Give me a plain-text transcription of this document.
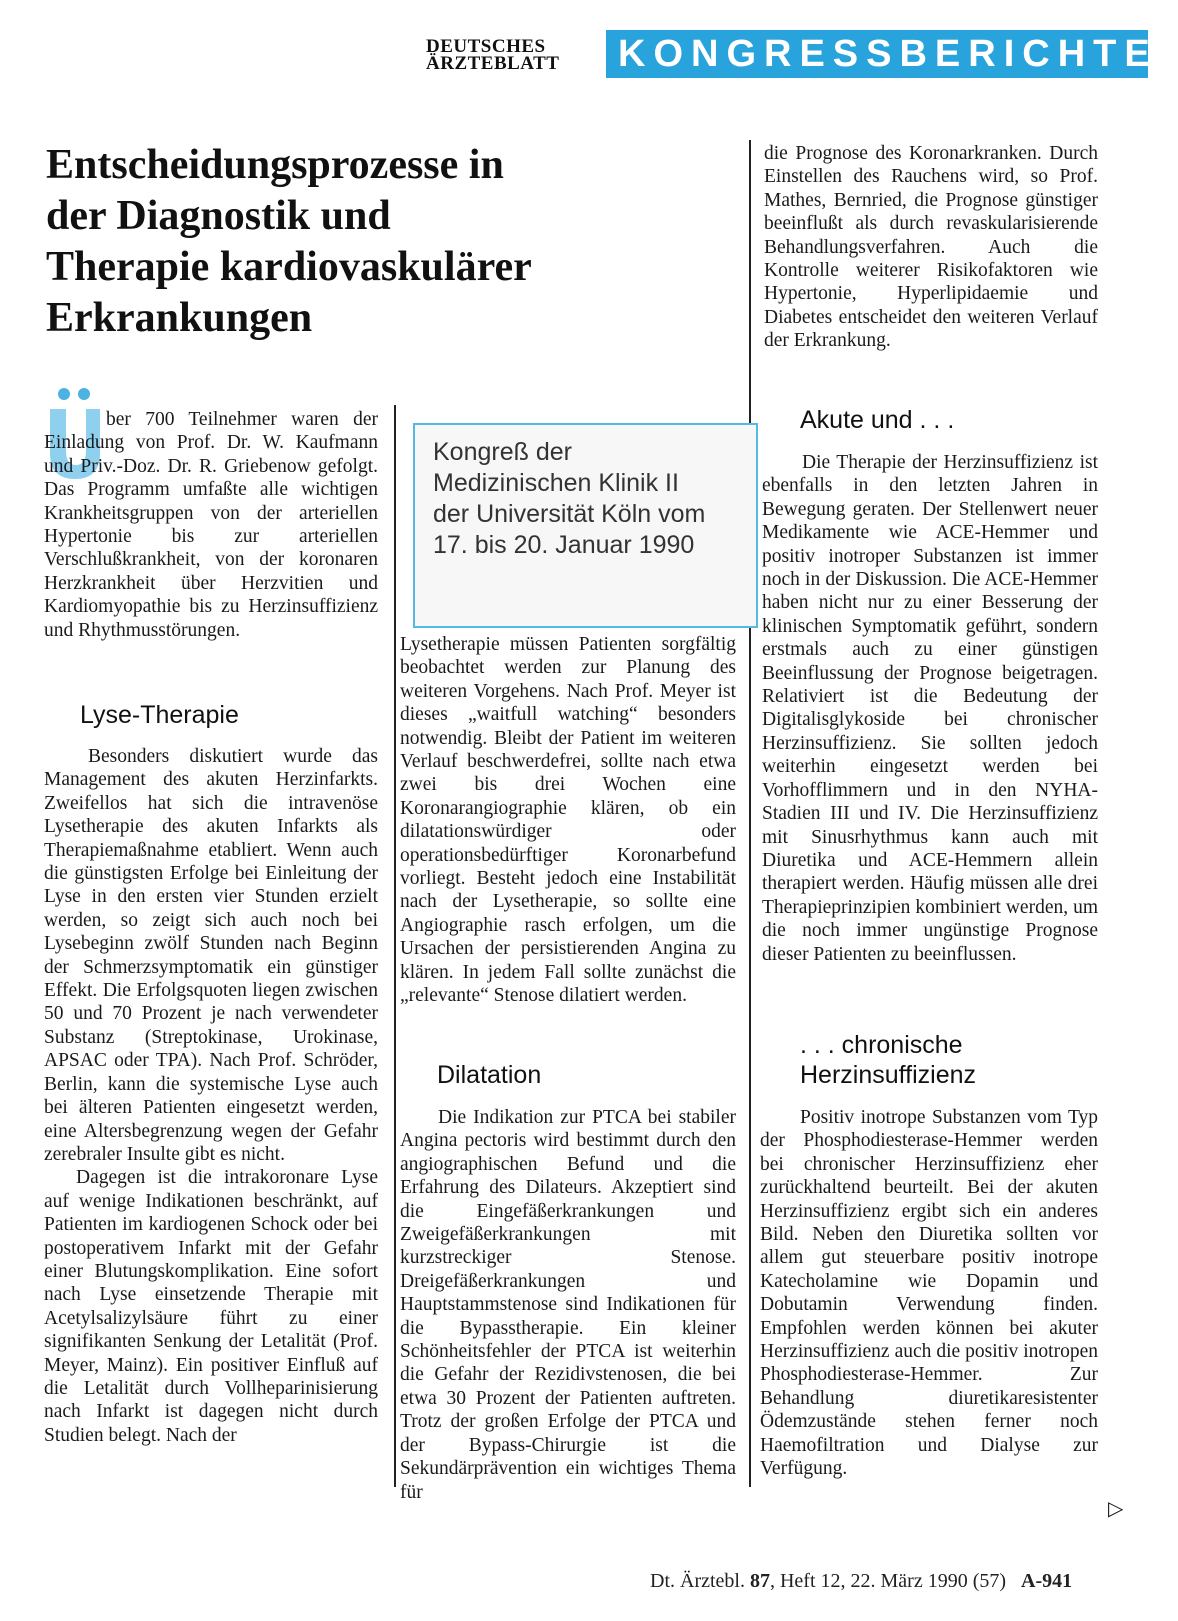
DEUTSCHES
ÄRZTEBLATT	KONGRESSBERICHTE
Entscheidungsprozesse in
der Diagnostik und
Therapie kardiovaskulärer
Erkrankungen
Ü

ber 700 Teilnehmer waren der Einladung von Prof. Dr. W. Kaufmann und Priv.-Doz. Dr. R. Griebenow gefolgt. Das Programm umfaßte alle wichtigen Krankheitsgruppen von der arteriellen Hypertonie bis zur arteriellen Verschlußkrankheit, von der koronaren Herzkrankheit über Herzvitien und Kardiomyopathie bis zu Herzinsuffizienz und Rhythmusstörungen.

Lyse-Therapie

Besonders diskutiert wurde das Management des akuten Herzinfarkts. Zweifellos hat sich die intravenöse Lysetherapie des akuten Infarkts als Therapiemaßnahme etabliert. Wenn auch die günstigsten Erfolge bei Einleitung der Lyse in den ersten vier Stunden erzielt werden, so zeigt sich auch noch bei Lysebeginn zwölf Stunden nach Beginn der Schmerzsymptomatik ein günstiger Effekt. Die Erfolgsquoten liegen zwischen 50 und 70 Prozent je nach verwendeter Substanz (Streptokinase, Urokinase, APSAC oder TPA). Nach Prof. Schröder, Berlin, kann die systemische Lyse auch bei älteren Patienten eingesetzt werden, eine Altersbegrenzung wegen der Gefahr zerebraler Insulte gibt es nicht.

Dagegen ist die intrakoronare Lyse auf wenige Indikationen beschränkt, auf Patienten im kardiogenen Schock oder bei postoperativem Infarkt mit der Gefahr einer Blutungskomplikation. Eine sofort nach Lyse einsetzende Therapie mit Acetylsalizylsäure führt zu einer signifikanten Senkung der Letalität (Prof. Meyer, Mainz). Ein positiver Einfluß auf die Letalität durch Vollheparinisierung nach Infarkt ist dagegen nicht durch Studien belegt. Nach der

Kongreß der
Medizinischen Klinik II
der Universität Köln vom
17. bis 20. Januar 1990

Lysetherapie müssen Patienten sorgfältig beobachtet werden zur Planung des weiteren Vorgehens. Nach Prof. Meyer ist dieses „waitfull watching“ besonders notwendig. Bleibt der Patient im weiteren Verlauf beschwerdefrei, sollte nach etwa zwei bis drei Wochen eine Koronarangiographie klären, ob ein dilatationswürdiger oder operationsbedürftiger Koronarbefund vorliegt. Besteht jedoch eine Instabilität nach der Lysetherapie, so sollte eine Angiographie rasch erfolgen, um die Ursachen der persistierenden Angina zu klären. In jedem Fall sollte zunächst die „relevante“ Stenose dilatiert werden.

Dilatation

Die Indikation zur PTCA bei stabiler Angina pectoris wird bestimmt durch den angiographischen Befund und die Erfahrung des Dilateurs. Akzeptiert sind die Eingefäßerkrankungen und Zweigefäßerkrankungen mit kurzstreckiger Stenose. Dreigefäßerkrankungen und Hauptstammstenose sind Indikationen für die Bypasstherapie. Ein kleiner Schönheitsfehler der PTCA ist weiterhin die Gefahr der Rezidivstenosen, die bei etwa 30 Prozent der Patienten auftreten. Trotz der großen Erfolge der PTCA und der Bypass-Chirurgie ist die Sekundärprävention ein wichtiges Thema für

die Prognose des Koronarkranken. Durch Einstellen des Rauchens wird, so Prof. Mathes, Bernried, die Prognose günstiger beeinflußt als durch revaskularisierende Behandlungsverfahren. Auch die Kontrolle weiterer Risikofaktoren wie Hypertonie, Hyperlipidaemie und Diabetes entscheidet den weiteren Verlauf der Erkrankung.

Akute und . . .

Die Therapie der Herzinsuffizienz ist ebenfalls in den letzten Jahren in Bewegung geraten. Der Stellenwert neuer Medikamente wie ACE-Hemmer und positiv inotroper Substanzen ist immer noch in der Diskussion. Die ACE-Hemmer haben nicht nur zu einer Besserung der klinischen Symptomatik geführt, sondern erstmals auch zu einer günstigen Beeinflussung der Prognose beigetragen. Relativiert ist die Bedeutung der Digitalisglykoside bei chronischer Herzinsuffizienz. Sie sollten jedoch weiterhin eingesetzt werden bei Vorhofflimmern und in den NYHA-Stadien III und IV. Die Herzinsuffizienz mit Sinusrhythmus kann auch mit Diuretika und ACE-Hemmern allein therapiert werden. Häufig müssen alle drei Therapieprinzipien kombiniert werden, um die noch immer ungünstige Prognose dieser Patienten zu beeinflussen.

. . . chronische
Herzinsuffizienz

Positiv inotrope Substanzen vom Typ der Phosphodiesterase-Hemmer werden bei chronischer Herzinsuffizienz eher zurückhaltend beurteilt. Bei der akuten Herzinsuffizienz ergibt sich ein anderes Bild. Neben den Diuretika sollten vor allem gut steuerbare positiv inotrope Katecholamine wie Dopamin und Dobutamin Verwendung finden. Empfohlen werden können bei akuter Herzinsuffizienz auch die positiv inotropen Phosphodiesterase-Hemmer. Zur Behandlung diuretikaresistenter Ödemzustände stehen ferner noch Haemofiltration und Dialyse zur Verfügung.

▷
Dt. Ärztebl. 87, Heft 12, 22. März 1990 (57) A-941
